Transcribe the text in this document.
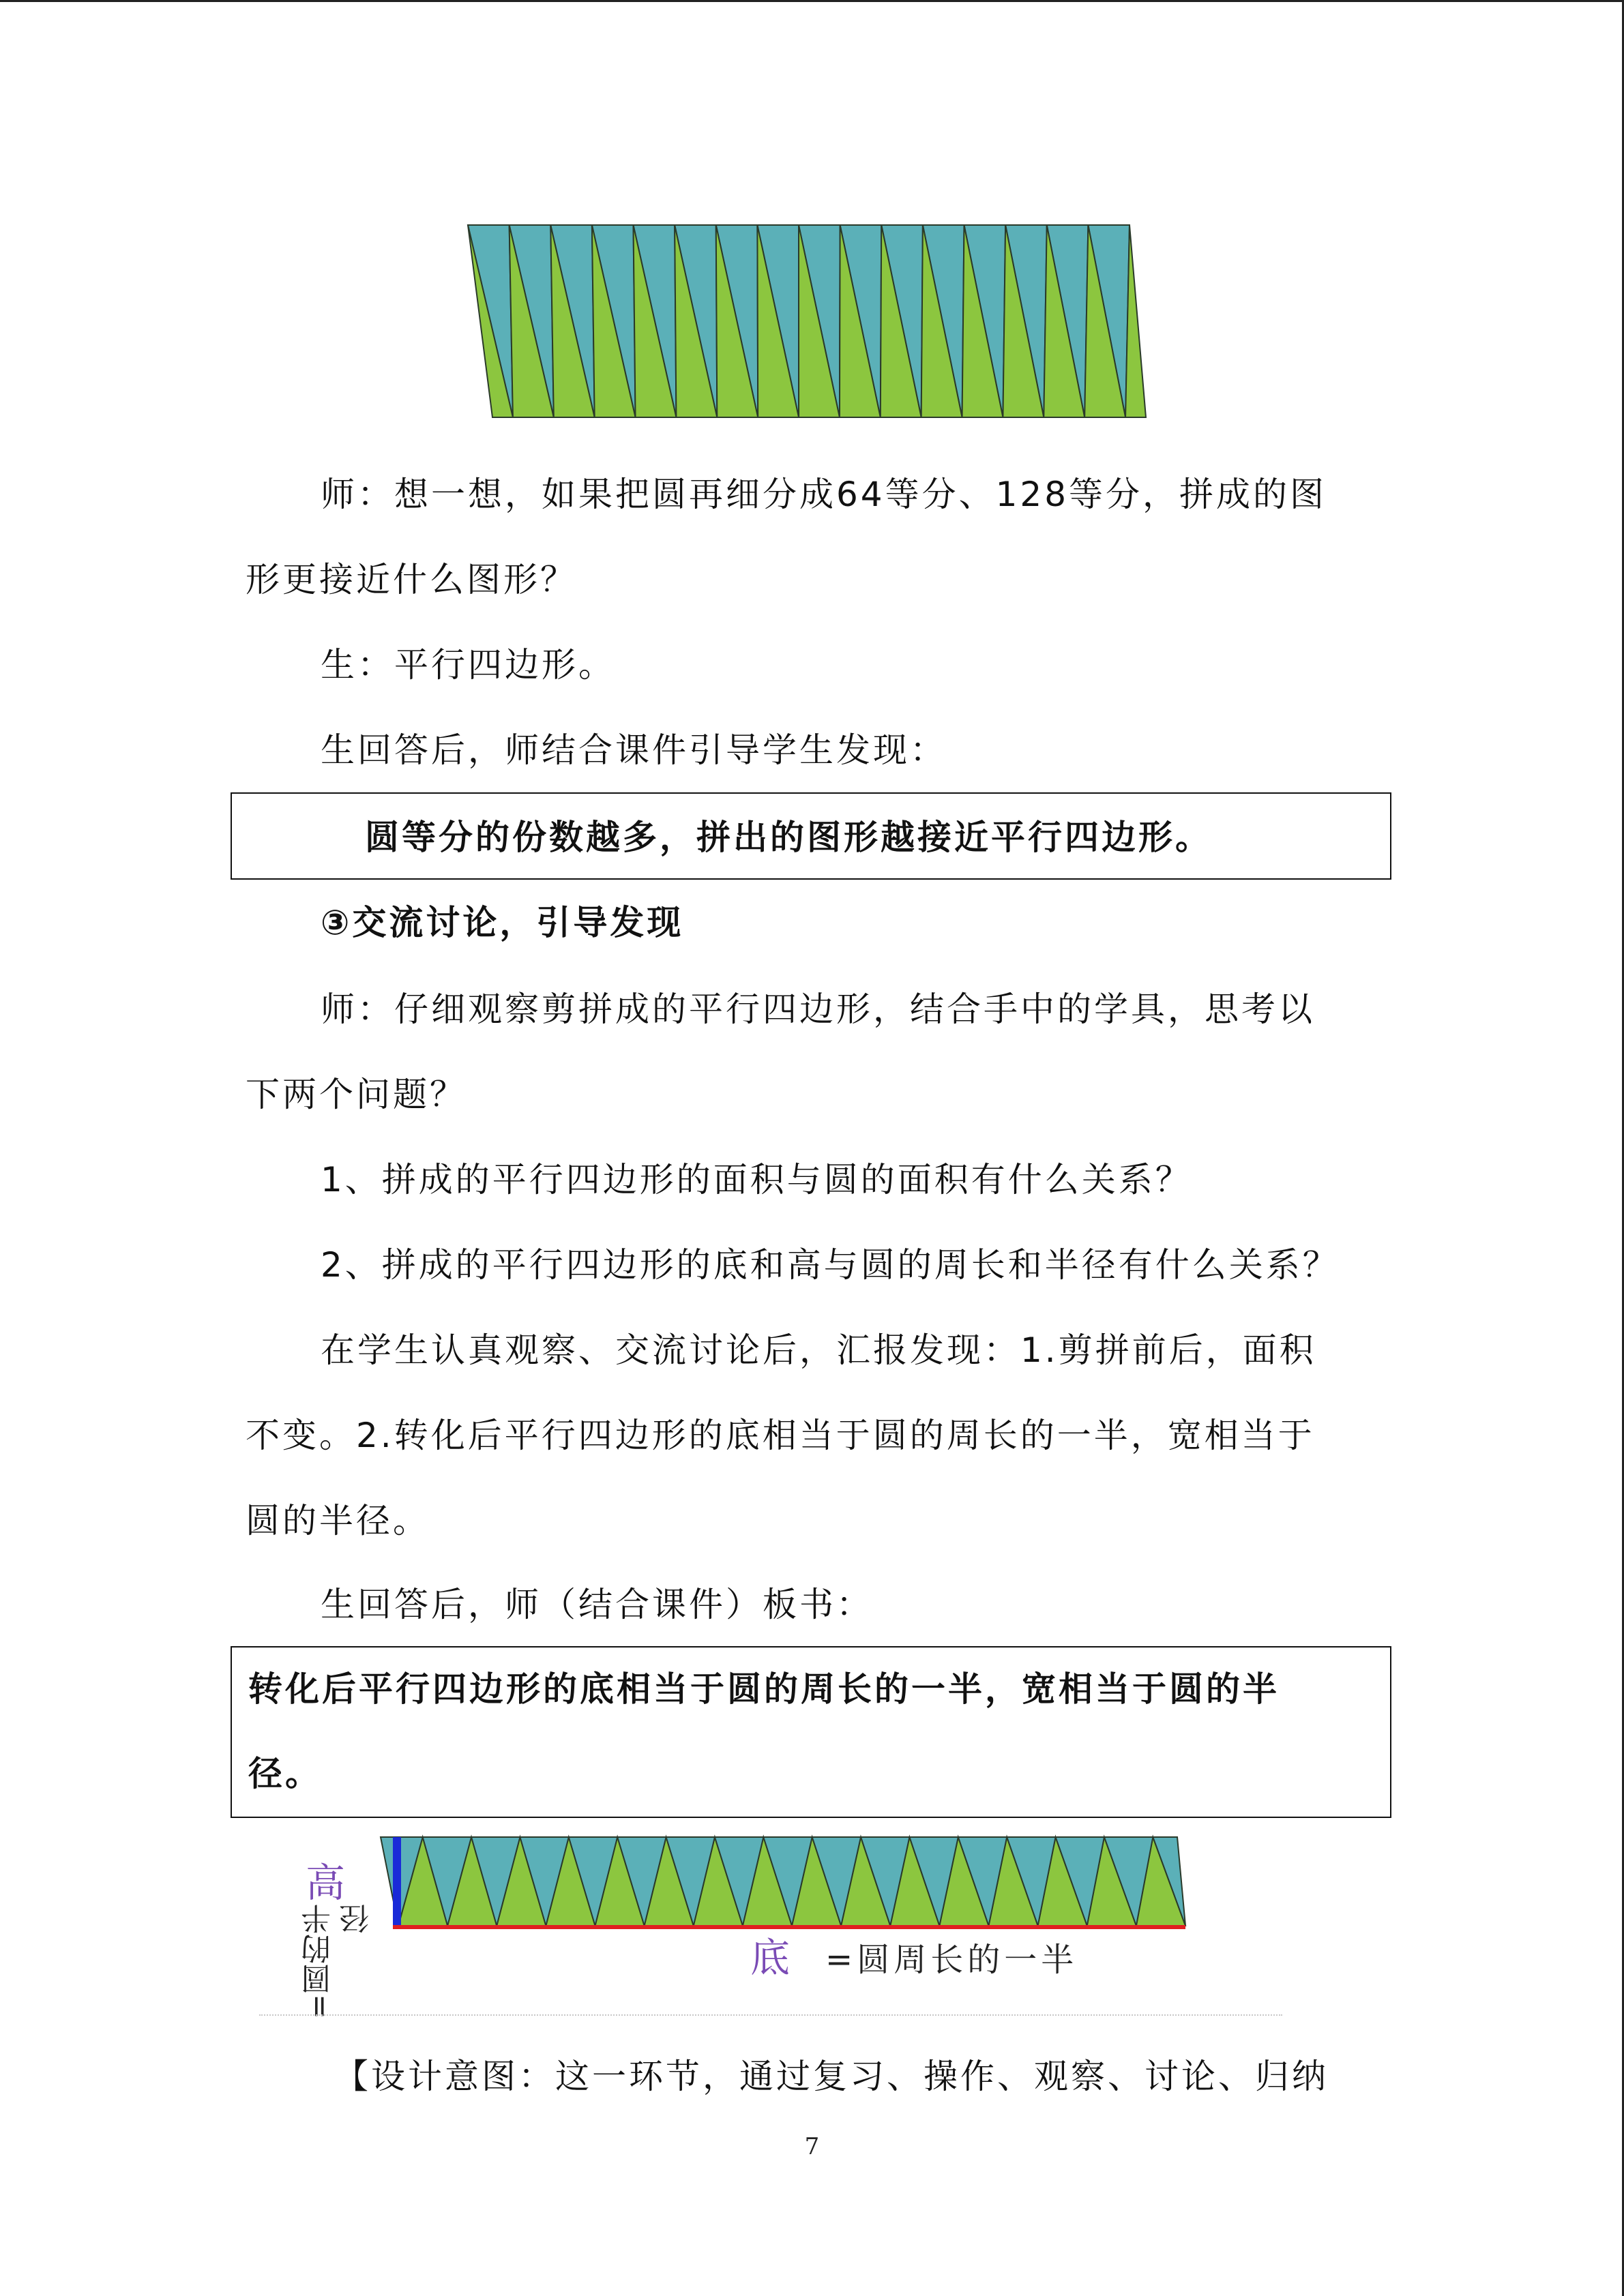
师：想一想，如果把圆再细分成64等分、128等分，拼成的图
形更接近什么图形？
生：平行四边形。
生回答后，师结合课件引导学生发现：
圆等分的份数越多，拼出的图形越接近平行四边形。
③交流讨论，引导发现
师：仔细观察剪拼成的平行四边形，结合手中的学具，思考以
下两个问题？
1、拼成的平行四边形的面积与圆的面积有什么关系？
2、拼成的平行四边形的底和高与圆的周长和半径有什么关系？
在学生认真观察、交流讨论后，汇报发现：1.剪拼前后，面积
不变。2.转化后平行四边形的底相当于圆的周长的一半，宽相当于
圆的半径。
生回答后，师（结合课件）板书：
转化后平行四边形的底相当于圆的周长的一半，宽相当于圆的半
径。
高
=圆的半径
底 =圆周长的一半
【设计意图：这一环节，通过复习、操作、观察、讨论、归纳
7
